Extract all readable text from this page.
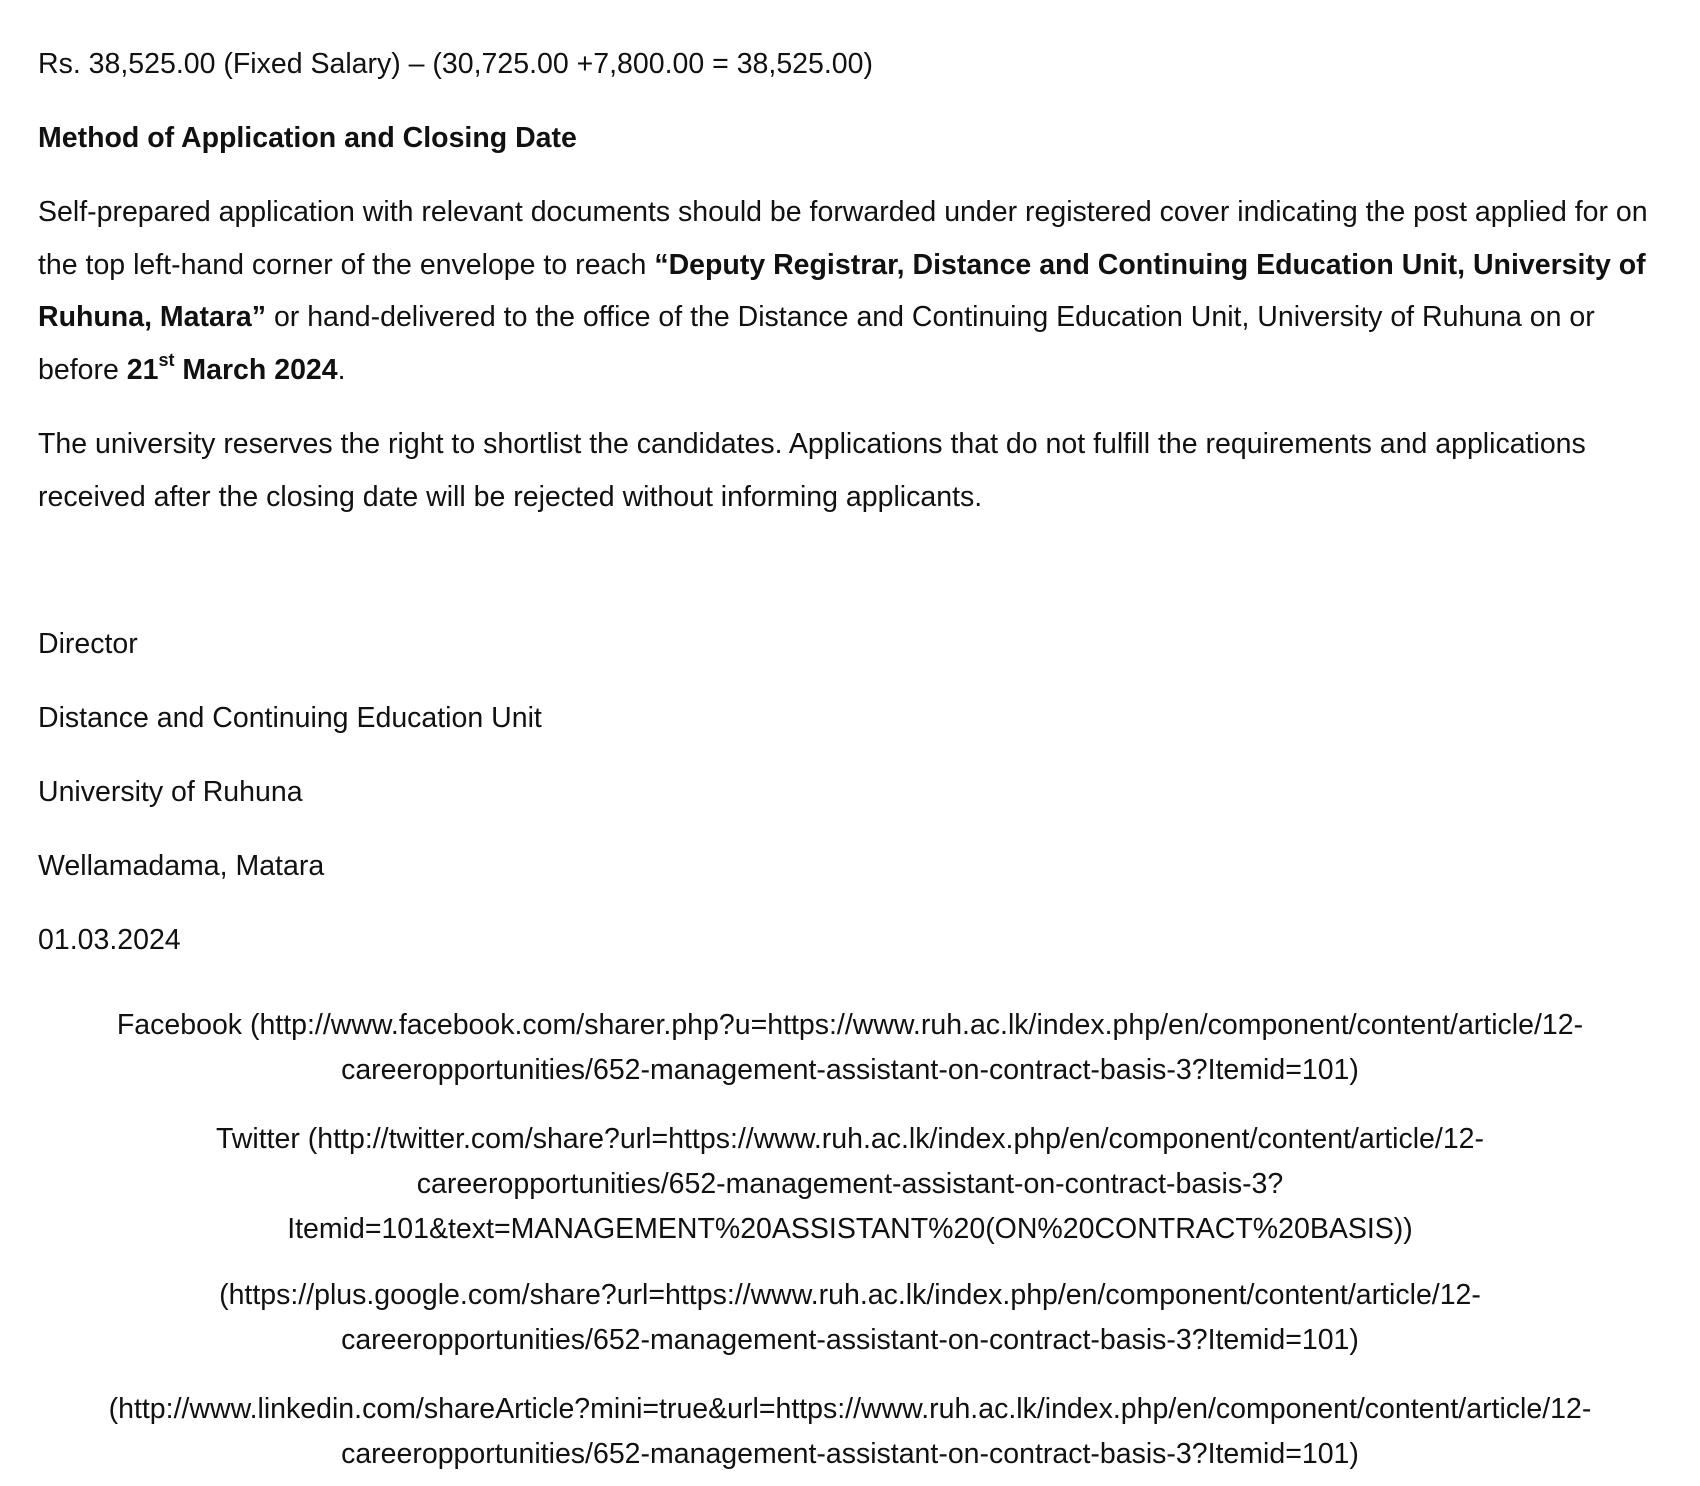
Rs. 38,525.00 (Fixed Salary) – (30,725.00 +7,800.00 = 38,525.00)

Method of Application and Closing Date

Self-prepared application with relevant documents should be forwarded under registered cover indicating the post applied for on the top left-hand corner of the envelope to reach “Deputy Registrar, Distance and Continuing Education Unit, University of Ruhuna, Matara” or hand-delivered to the office of the Distance and Continuing Education Unit, University of Ruhuna on or before 21st March 2024.

The university reserves the right to shortlist the candidates. Applications that do not fulfill the requirements and applications received after the closing date will be rejected without informing applicants.

Director

Distance and Continuing Education Unit

University of Ruhuna

Wellamadama, Matara

01.03.2024

Facebook (http://www.facebook.com/sharer.php?u=https://www.ruh.ac.lk/index.php/en/component/content/article/12-
careeropportunities/652-management-assistant-on-contract-basis-3?Itemid=101)
Twitter (http://twitter.com/share?url=https://www.ruh.ac.lk/index.php/en/component/content/article/12-
careeropportunities/652-management-assistant-on-contract-basis-3?
Itemid=101&text=MANAGEMENT%20ASSISTANT%20(ON%20CONTRACT%20BASIS))
(https://plus.google.com/share?url=https://www.ruh.ac.lk/index.php/en/component/content/article/12-
careeropportunities/652-management-assistant-on-contract-basis-3?Itemid=101)
(http://www.linkedin.com/shareArticle?mini=true&url=https://www.ruh.ac.lk/index.php/en/component/content/article/12-
careeropportunities/652-management-assistant-on-contract-basis-3?Itemid=101)
